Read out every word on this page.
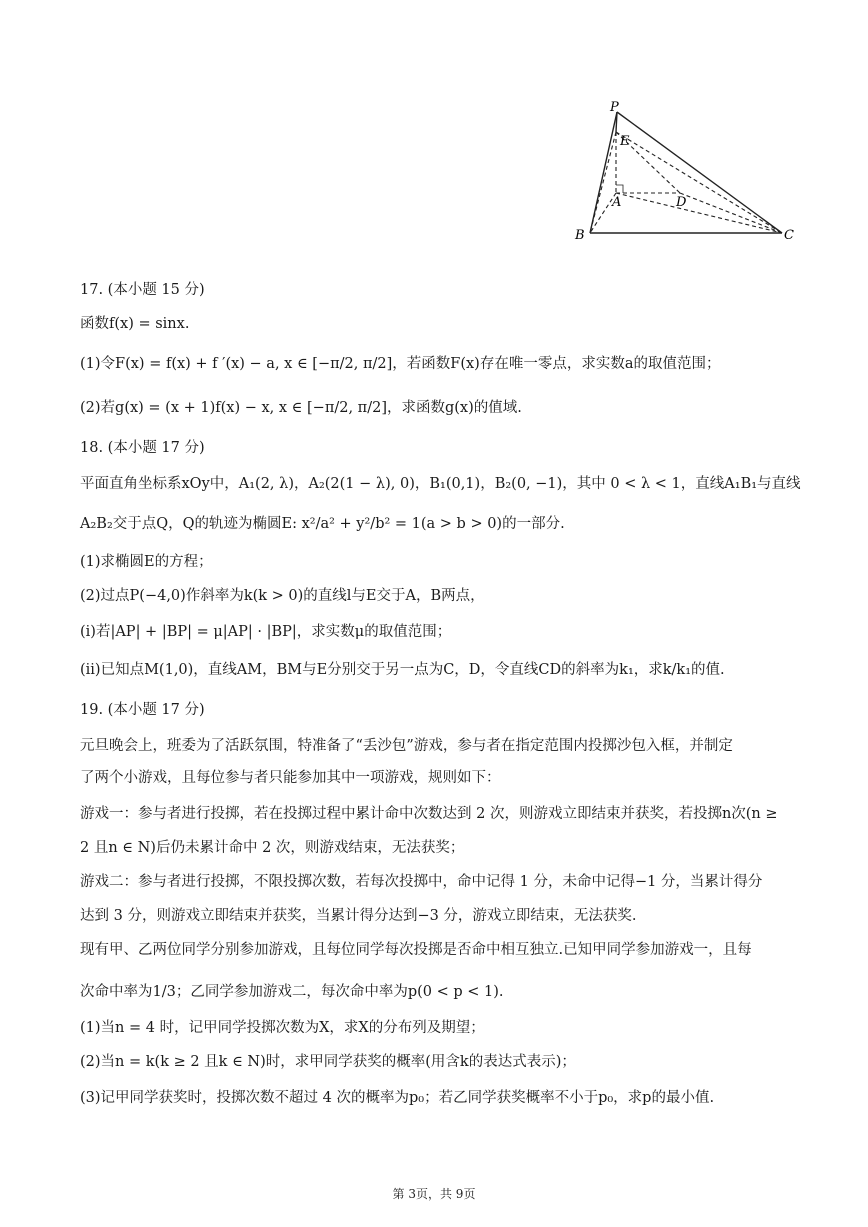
P
E
A	D
B	C
17. (本小题 15 分)
函数f(x) = sinx.
(1)令F(x) = f(x) + f ′(x) − a, x ∈ [−π/2, π/2]，若函数F(x)存在唯一零点，求实数a的取值范围；
(2)若g(x) = (x + 1)f(x) − x, x ∈ [−π/2, π/2]，求函数g(x)的值域.
18. (本小题 17 分)
平面直角坐标系xOy中，A₁(2, λ)，A₂(2(1 − λ), 0)，B₁(0,1)，B₂(0, −1)，其中 0 < λ < 1，直线A₁B₁与直线
A₂B₂交于点Q，Q的轨迹为椭圆E: x²/a² + y²/b² = 1(a > b > 0)的一部分.
(1)求椭圆E的方程；
(2)过点P(−4,0)作斜率为k(k > 0)的直线l与E交于A，B两点，
(i)若|AP| + |BP| = μ|AP| · |BP|，求实数μ的取值范围；
(ii)已知点M(1,0)，直线AM，BM与E分别交于另一点为C，D，令直线CD的斜率为k₁，求k/k₁的值.
19. (本小题 17 分)
元旦晚会上，班委为了活跃氛围，特准备了“丢沙包”游戏，参与者在指定范围内投掷沙包入框，并制定
了两个小游戏，且每位参与者只能参加其中一项游戏，规则如下：
游戏一：参与者进行投掷，若在投掷过程中累计命中次数达到 2 次，则游戏立即结束并获奖，若投掷n次(n ≥
2 且n ∈ N)后仍未累计命中 2 次，则游戏结束，无法获奖；
游戏二：参与者进行投掷，不限投掷次数，若每次投掷中，命中记得 1 分，未命中记得−1 分，当累计得分
达到 3 分，则游戏立即结束并获奖，当累计得分达到−3 分，游戏立即结束，无法获奖.
现有甲、乙两位同学分别参加游戏，且每位同学每次投掷是否命中相互独立.已知甲同学参加游戏一，且每
次命中率为1/3；乙同学参加游戏二，每次命中率为p(0 < p < 1).
(1)当n = 4 时，记甲同学投掷次数为X，求X的分布列及期望；
(2)当n = k(k ≥ 2 且k ∈ N)时，求甲同学获奖的概率(用含k的表达式表示)；
(3)记甲同学获奖时，投掷次数不超过 4 次的概率为p₀；若乙同学获奖概率不小于p₀，求p的最小值.
第 3页，共 9页
